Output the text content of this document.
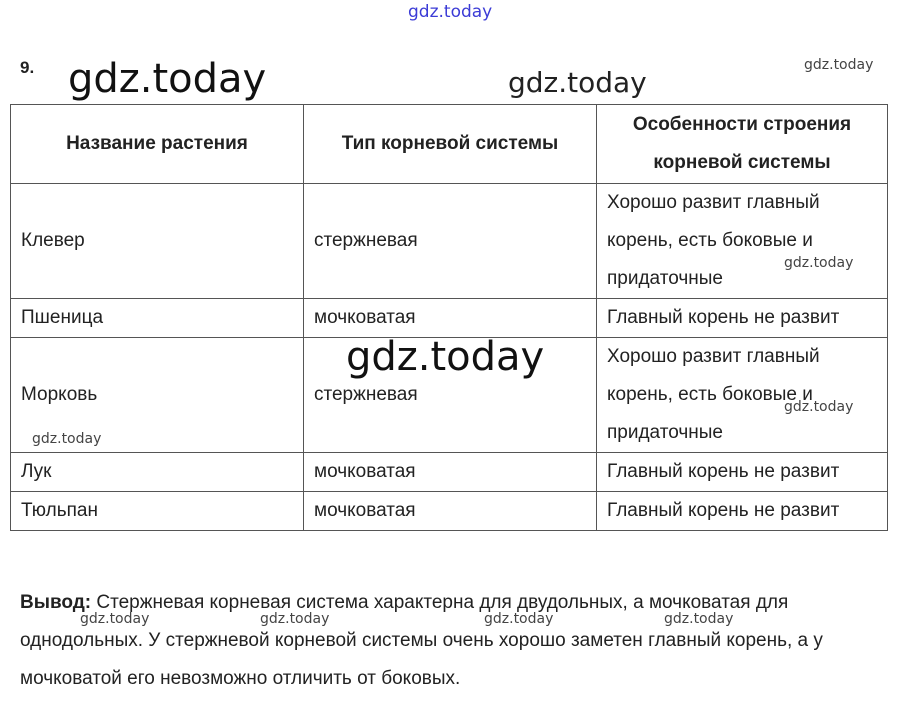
gdz.today
gdz.today	gdz.today
gdz.today
9.
Название растения	Тип корневой системы	Особенности строения корневой системы
Клевер	стержневая	Хорошо развит главный корень, есть боковые и придаточные
Пшеница	мочковатая	Главный корень не развит
Морковь	стержневая	Хорошо развит главный корень, есть боковые и придаточные
Лук	мочковатая	Главный корень не развит
Тюльпан	мочковатая	Главный корень не развит
gdz.today
gdz.today
gdz.today
gdz.today
Вывод: Стержневая корневая система характерна для двудольных, а мочковатая для однодольных. У стержневой корневой системы очень хорошо заметен главный корень, а у мочковатой его невозможно отличить от боковых.
gdz.today	gdz.today	gdz.today	gdz.today
